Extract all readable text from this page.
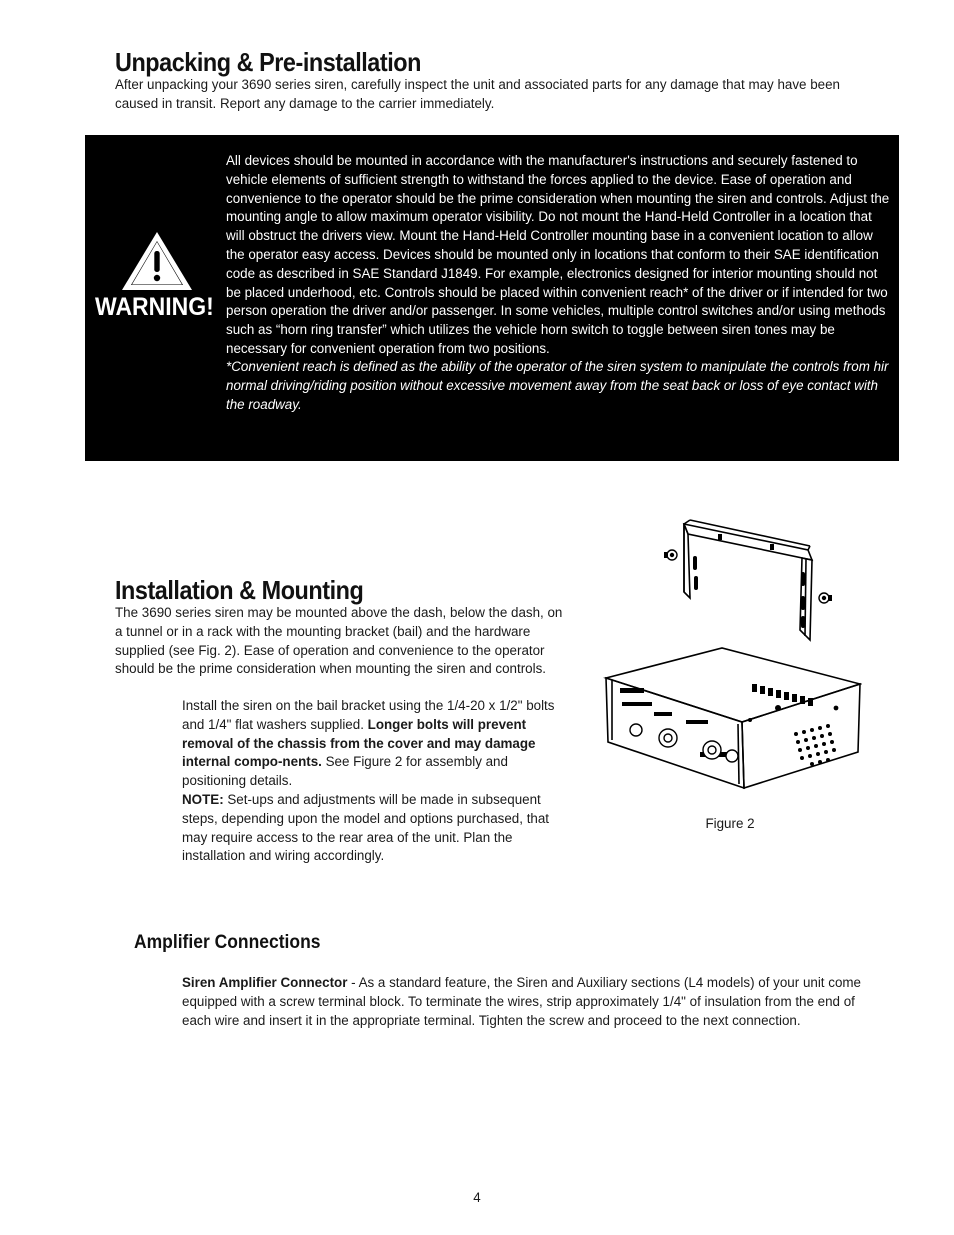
Unpacking & Pre-installation

After unpacking your 3690 series siren, carefully inspect the unit and associated parts for any damage that may have been caused in transit. Report any damage to the carrier immediately.

WARNING!

All devices should be mounted in accordance with the manufacturer's instructions and securely fastened to vehicle elements of sufficient strength to withstand the forces applied to the device. Ease of operation and convenience to the operator should be the prime consideration when mounting the siren and controls. Adjust the mounting angle to allow maximum operator visibility. Do not mount the Hand-Held Controller in a location that will obstruct the drivers view. Mount the Hand-Held Controller mounting base in a convenient location to allow the operator easy access. Devices should be mounted only in locations that conform to their SAE identification code as described in SAE Standard J1849. For example, electronics designed for interior mounting should not be placed underhood, etc. Controls should be placed within convenient reach* of the driver or if intended for two person operation the driver and/or passenger. In some vehicles, multiple control switches and/or using methods such as “horn ring transfer” which utilizes the vehicle horn switch to toggle between siren tones may be necessary for convenient operation from two positions.

*Convenient reach is defined as the ability of the operator of the siren system to manipulate the controls from hir normal driving/riding position without excessive movement away from the seat back or loss of eye contact with the roadway.

Figure 2
Installation & Mounting

The 3690 series siren may be mounted above the dash, below the dash, on a tunnel or in a rack with the mounting bracket (bail) and the hardware supplied (see Fig. 2). Ease of operation and convenience to the operator should be the prime consideration when mounting the siren and controls.

Install the siren on the bail bracket using the 1/4-20 x 1/2" bolts and 1/4" flat washers supplied. Longer bolts will prevent removal of the chassis from the cover and may damage internal compo-nents. See Figure 2 for assembly and positioning details.

NOTE: Set-ups and adjustments will be made in subsequent steps, depending upon the model and options purchased, that may require access to the rear area of the unit. Plan the installation and wiring accordingly.

Amplifier Connections

Siren Amplifier Connector - As a standard feature, the Siren and Auxiliary sections (L4 models) of your unit come equipped with a screw terminal block. To terminate the wires, strip approximately 1/4" of insulation from the end of each wire and insert it in the appropriate terminal. Tighten the screw and proceed to the next connection.

4
